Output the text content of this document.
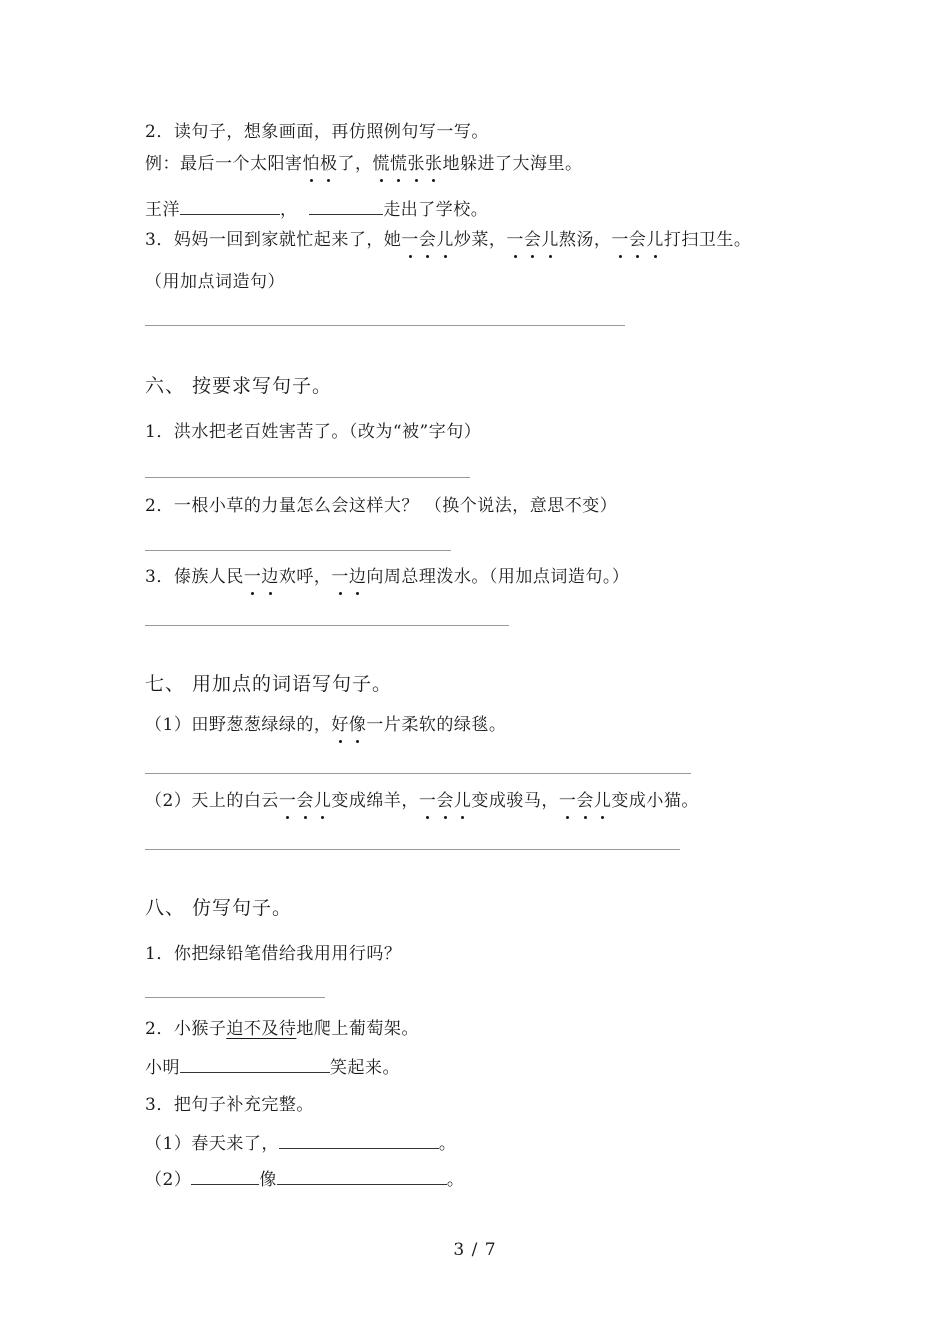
2．读句子，想象画面，再仿照例句写一写。
例：最后一个太阳害怕极了，慌慌张张地躲进了大海里。
王洋	，	走出了学校。
3．妈妈一回到家就忙起来了，她一会儿炒菜，一会儿熬汤，一会儿打扫卫生。
（用加点词造句）
六、 按要求写句子。
1．洪水把老百姓害苦了。（改为“被”字句）
2．一根小草的力量怎么会这样大？ （换个说法，意思不变）
3．傣族人民一边欢呼，一边向周总理泼水。（用加点词造句。）
七、 用加点的词语写句子。
（1）田野葱葱绿绿的，好像一片柔软的绿毯。
（2）天上的白云一会儿变成绵羊，一会儿变成骏马，一会儿变成小猫。
八、 仿写句子。
1．你把绿铅笔借给我用用行吗？
2．小猴子迫不及待地爬上葡萄架。
小明	笑起来。
3．把句子补充完整。
（1）春天来了，	。
（2）	像	。
3 / 7
